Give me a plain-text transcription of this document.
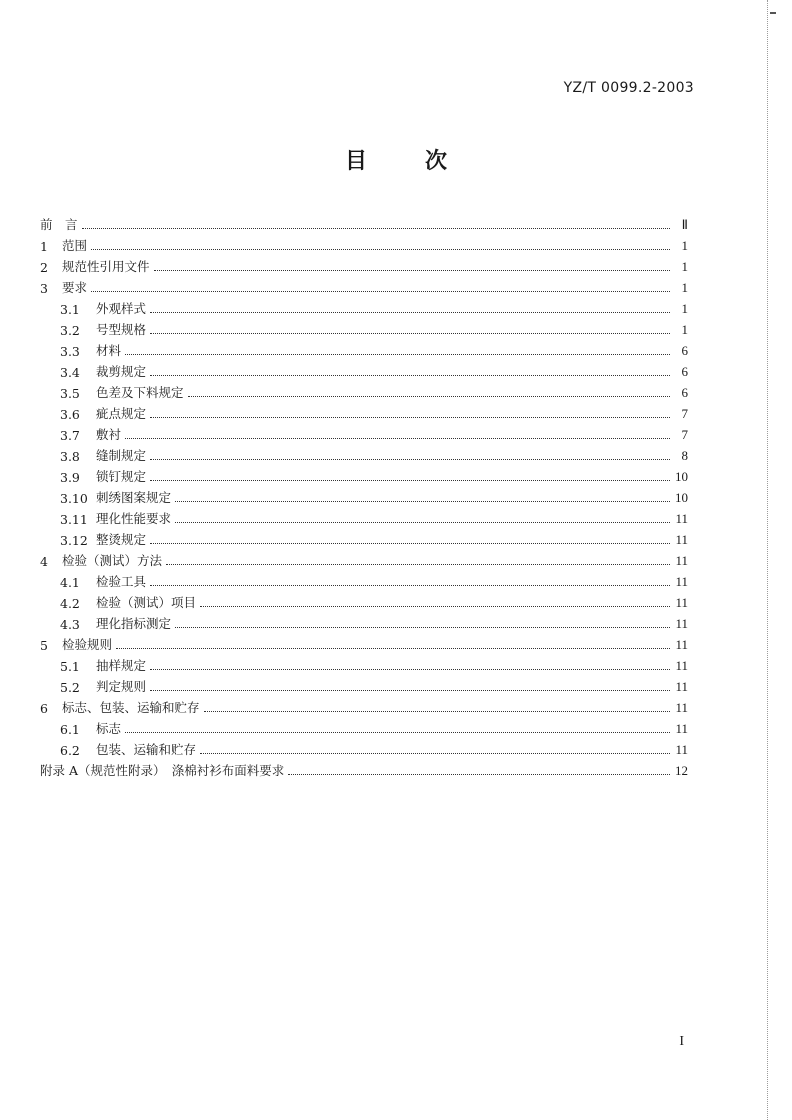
YZ/T 0099.2-2003
目次
前　言	Ⅱ
1	范围	1
2	规范性引用文件	1
3	要求	1
3.1	外观样式	1
3.2	号型规格	1
3.3	材料	6
3.4	裁剪规定	6
3.5	色差及下料规定	6
3.6	疵点规定	7
3.7	敷衬	7
3.8	缝制规定	8
3.9	锁钉规定	10
3.10 刺绣图案规定	10
3.11 理化性能要求	11
3.12 整烫规定	11
4	检验（测试）方法	11
4.1	检验工具	11
4.2	检验（测试）项目	11
4.3	理化指标测定	11
5	检验规则	11
5.1	抽样规定	11
5.2	判定规则	11
6	标志、包装、运输和贮存	11
6.1	标志	11
6.2	包装、运输和贮存	11
附录 A（规范性附录）　涤棉衬衫布面料要求	12
I
